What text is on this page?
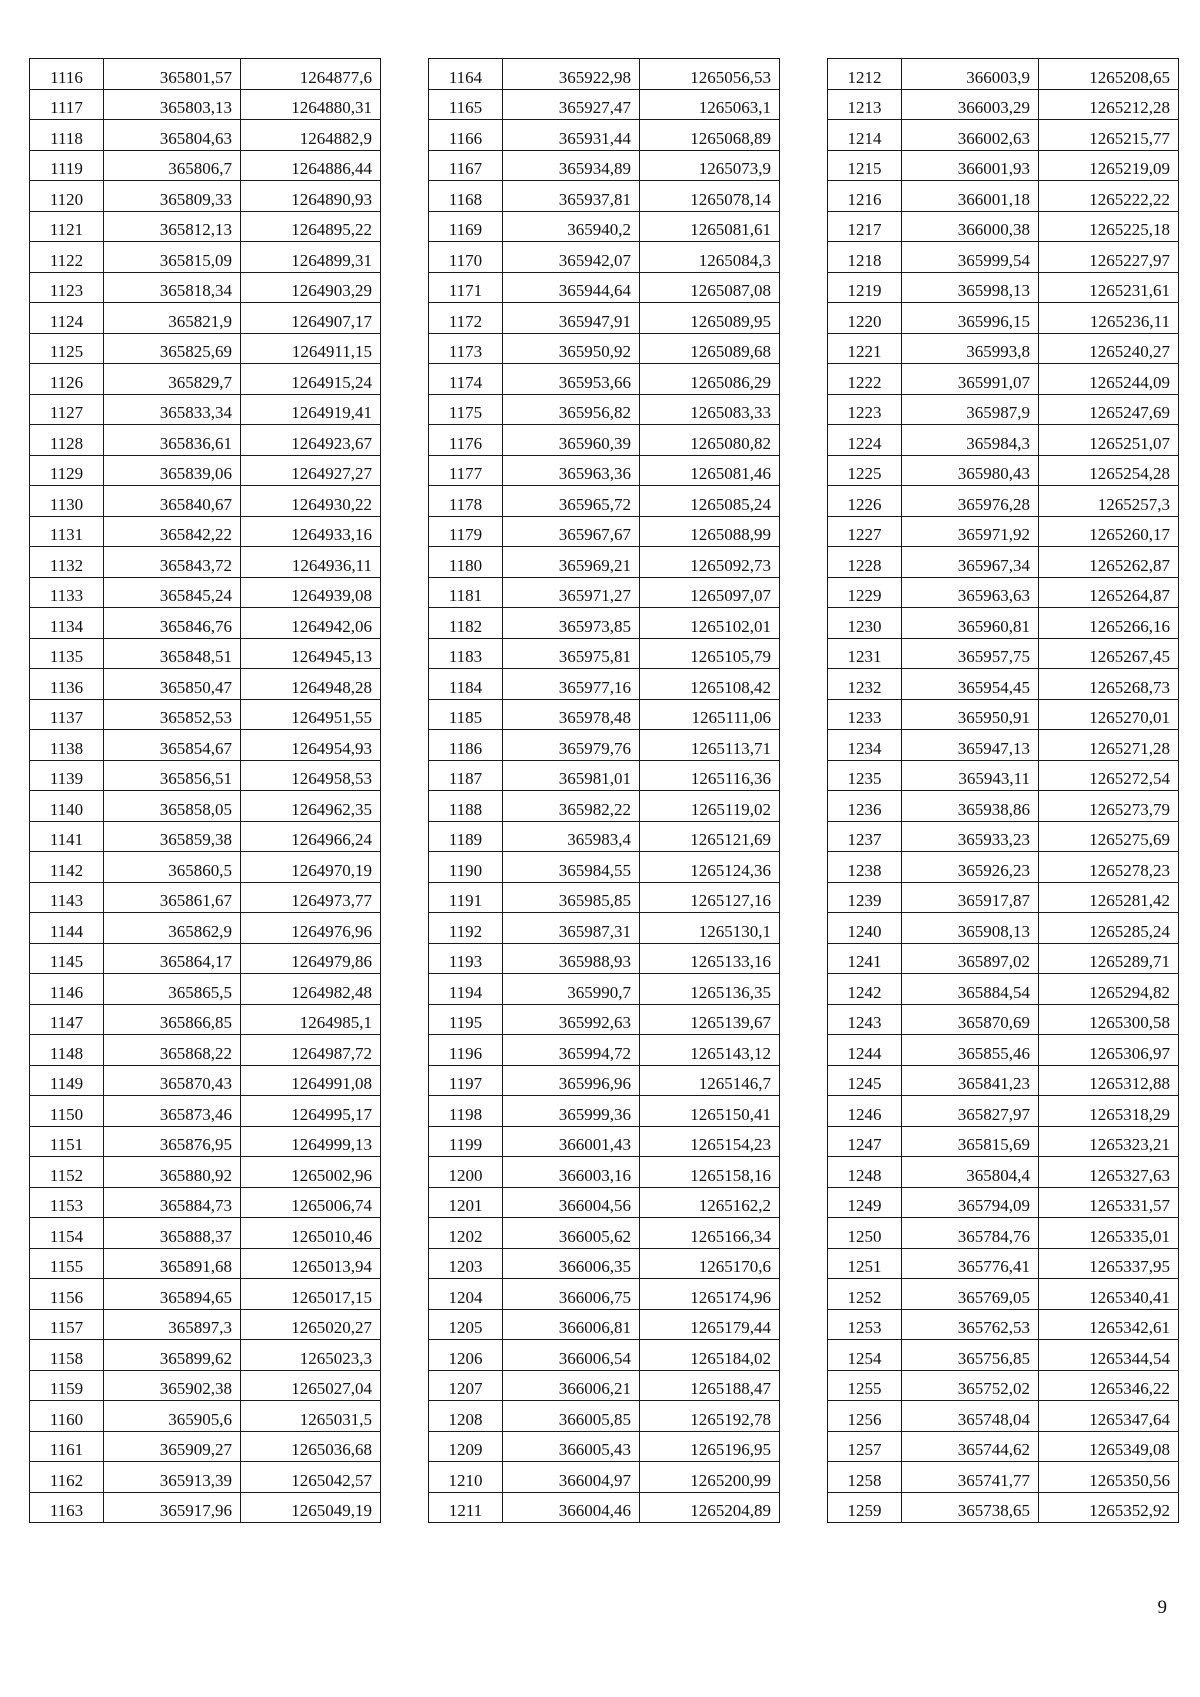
1116	365801,57	1264877,6
1117	365803,13	1264880,31
1118	365804,63	1264882,9
1119	365806,7	1264886,44
1120	365809,33	1264890,93
1121	365812,13	1264895,22
1122	365815,09	1264899,31
1123	365818,34	1264903,29
1124	365821,9	1264907,17
1125	365825,69	1264911,15
1126	365829,7	1264915,24
1127	365833,34	1264919,41
1128	365836,61	1264923,67
1129	365839,06	1264927,27
1130	365840,67	1264930,22
1131	365842,22	1264933,16
1132	365843,72	1264936,11
1133	365845,24	1264939,08
1134	365846,76	1264942,06
1135	365848,51	1264945,13
1136	365850,47	1264948,28
1137	365852,53	1264951,55
1138	365854,67	1264954,93
1139	365856,51	1264958,53
1140	365858,05	1264962,35
1141	365859,38	1264966,24
1142	365860,5	1264970,19
1143	365861,67	1264973,77
1144	365862,9	1264976,96
1145	365864,17	1264979,86
1146	365865,5	1264982,48
1147	365866,85	1264985,1
1148	365868,22	1264987,72
1149	365870,43	1264991,08
1150	365873,46	1264995,17
1151	365876,95	1264999,13
1152	365880,92	1265002,96
1153	365884,73	1265006,74
1154	365888,37	1265010,46
1155	365891,68	1265013,94
1156	365894,65	1265017,15
1157	365897,3	1265020,27
1158	365899,62	1265023,3
1159	365902,38	1265027,04
1160	365905,6	1265031,5
1161	365909,27	1265036,68
1162	365913,39	1265042,57
1163	365917,96	1265049,19
1164	365922,98	1265056,53
1165	365927,47	1265063,1
1166	365931,44	1265068,89
1167	365934,89	1265073,9
1168	365937,81	1265078,14
1169	365940,2	1265081,61
1170	365942,07	1265084,3
1171	365944,64	1265087,08
1172	365947,91	1265089,95
1173	365950,92	1265089,68
1174	365953,66	1265086,29
1175	365956,82	1265083,33
1176	365960,39	1265080,82
1177	365963,36	1265081,46
1178	365965,72	1265085,24
1179	365967,67	1265088,99
1180	365969,21	1265092,73
1181	365971,27	1265097,07
1182	365973,85	1265102,01
1183	365975,81	1265105,79
1184	365977,16	1265108,42
1185	365978,48	1265111,06
1186	365979,76	1265113,71
1187	365981,01	1265116,36
1188	365982,22	1265119,02
1189	365983,4	1265121,69
1190	365984,55	1265124,36
1191	365985,85	1265127,16
1192	365987,31	1265130,1
1193	365988,93	1265133,16
1194	365990,7	1265136,35
1195	365992,63	1265139,67
1196	365994,72	1265143,12
1197	365996,96	1265146,7
1198	365999,36	1265150,41
1199	366001,43	1265154,23
1200	366003,16	1265158,16
1201	366004,56	1265162,2
1202	366005,62	1265166,34
1203	366006,35	1265170,6
1204	366006,75	1265174,96
1205	366006,81	1265179,44
1206	366006,54	1265184,02
1207	366006,21	1265188,47
1208	366005,85	1265192,78
1209	366005,43	1265196,95
1210	366004,97	1265200,99
1211	366004,46	1265204,89
1212	366003,9	1265208,65
1213	366003,29	1265212,28
1214	366002,63	1265215,77
1215	366001,93	1265219,09
1216	366001,18	1265222,22
1217	366000,38	1265225,18
1218	365999,54	1265227,97
1219	365998,13	1265231,61
1220	365996,15	1265236,11
1221	365993,8	1265240,27
1222	365991,07	1265244,09
1223	365987,9	1265247,69
1224	365984,3	1265251,07
1225	365980,43	1265254,28
1226	365976,28	1265257,3
1227	365971,92	1265260,17
1228	365967,34	1265262,87
1229	365963,63	1265264,87
1230	365960,81	1265266,16
1231	365957,75	1265267,45
1232	365954,45	1265268,73
1233	365950,91	1265270,01
1234	365947,13	1265271,28
1235	365943,11	1265272,54
1236	365938,86	1265273,79
1237	365933,23	1265275,69
1238	365926,23	1265278,23
1239	365917,87	1265281,42
1240	365908,13	1265285,24
1241	365897,02	1265289,71
1242	365884,54	1265294,82
1243	365870,69	1265300,58
1244	365855,46	1265306,97
1245	365841,23	1265312,88
1246	365827,97	1265318,29
1247	365815,69	1265323,21
1248	365804,4	1265327,63
1249	365794,09	1265331,57
1250	365784,76	1265335,01
1251	365776,41	1265337,95
1252	365769,05	1265340,41
1253	365762,53	1265342,61
1254	365756,85	1265344,54
1255	365752,02	1265346,22
1256	365748,04	1265347,64
1257	365744,62	1265349,08
1258	365741,77	1265350,56
1259	365738,65	1265352,92
9
